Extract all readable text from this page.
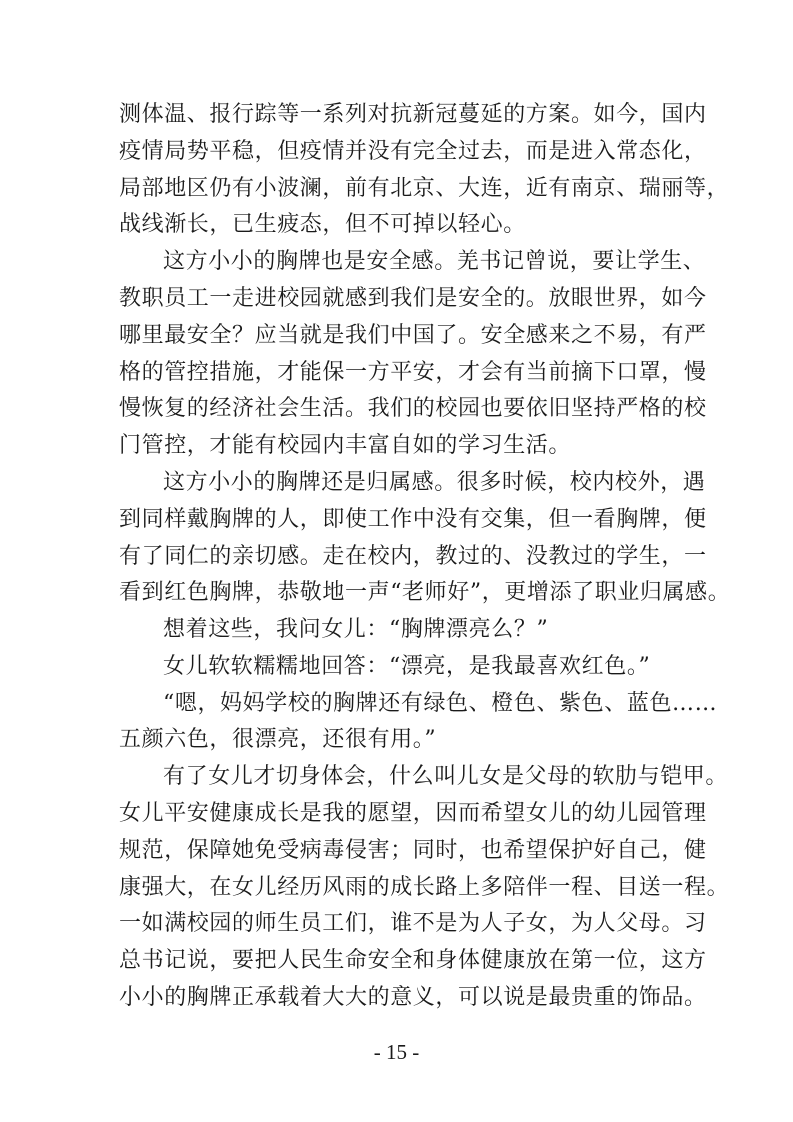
测体温、报行踪等一系列对抗新冠蔓延的方案。如今，国内
疫情局势平稳，但疫情并没有完全过去，而是进入常态化，
局部地区仍有小波澜，前有北京、大连，近有南京、瑞丽等，
战线渐长，已生疲态，但不可掉以轻心。
这方小小的胸牌也是安全感。羌书记曾说，要让学生、
教职员工一走进校园就感到我们是安全的。放眼世界，如今
哪里最安全？应当就是我们中国了。安全感来之不易，有严
格的管控措施，才能保一方平安，才会有当前摘下口罩，慢
慢恢复的经济社会生活。我们的校园也要依旧坚持严格的校
门管控，才能有校园内丰富自如的学习生活。
这方小小的胸牌还是归属感。很多时候，校内校外，遇
到同样戴胸牌的人，即使工作中没有交集，但一看胸牌，便
有了同仁的亲切感。走在校内，教过的、没教过的学生，一
看到红色胸牌，恭敬地一声“老师好”，更增添了职业归属感。
想着这些，我问女儿：“胸牌漂亮么？”
女儿软软糯糯地回答：“漂亮，是我最喜欢红色。”
“嗯，妈妈学校的胸牌还有绿色、橙色、紫色、蓝色……
五颜六色，很漂亮，还很有用。”
有了女儿才切身体会，什么叫儿女是父母的软肋与铠甲。
女儿平安健康成长是我的愿望，因而希望女儿的幼儿园管理
规范，保障她免受病毒侵害；同时，也希望保护好自己，健
康强大，在女儿经历风雨的成长路上多陪伴一程、目送一程。
一如满校园的师生员工们，谁不是为人子女，为人父母。习
总书记说，要把人民生命安全和身体健康放在第一位，这方
小小的胸牌正承载着大大的意义，可以说是最贵重的饰品。
- 15 -
